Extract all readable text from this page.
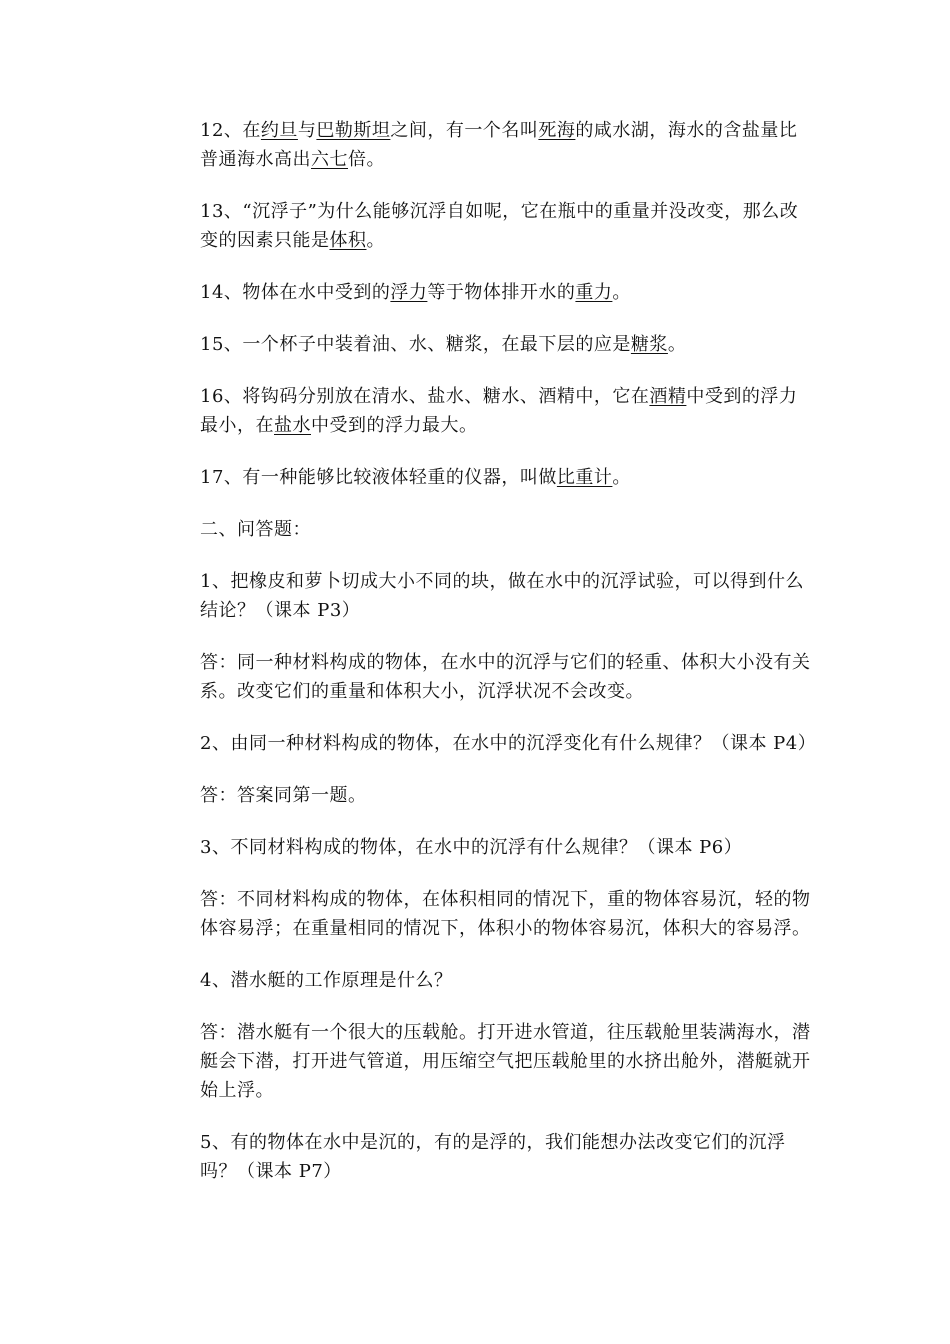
12、在约旦与巴勒斯坦之间，有一个名叫死海的咸水湖，海水的含盐量比普通海水高出六七倍。

13、“沉浮子”为什么能够沉浮自如呢，它在瓶中的重量并没改变，那么改变的因素只能是体积。

14、物体在水中受到的浮力等于物体排开水的重力。

15、一个杯子中装着油、水、糖浆，在最下层的应是糖浆。

16、将钩码分别放在清水、盐水、糖水、酒精中，它在酒精中受到的浮力最小，在盐水中受到的浮力最大。

17、有一种能够比较液体轻重的仪器，叫做比重计。

二、问答题：

1、把橡皮和萝卜切成大小不同的块，做在水中的沉浮试验，可以得到什么结论？（课本 P3）

答：同一种材料构成的物体，在水中的沉浮与它们的轻重、体积大小没有关系。改变它们的重量和体积大小，沉浮状况不会改变。

2、由同一种材料构成的物体，在水中的沉浮变化有什么规律？（课本 P4）

答：答案同第一题。

3、不同材料构成的物体，在水中的沉浮有什么规律？（课本 P6）

答：不同材料构成的物体，在体积相同的情况下，重的物体容易沉，轻的物体容易浮；在重量相同的情况下，体积小的物体容易沉，体积大的容易浮。

4、潜水艇的工作原理是什么？

答：潜水艇有一个很大的压载舱。打开进水管道，往压载舱里装满海水，潜艇会下潜，打开进气管道，用压缩空气把压载舱里的水挤出舱外，潜艇就开始上浮。

5、有的物体在水中是沉的，有的是浮的，我们能想办法改变它们的沉浮吗？（课本 P7）
